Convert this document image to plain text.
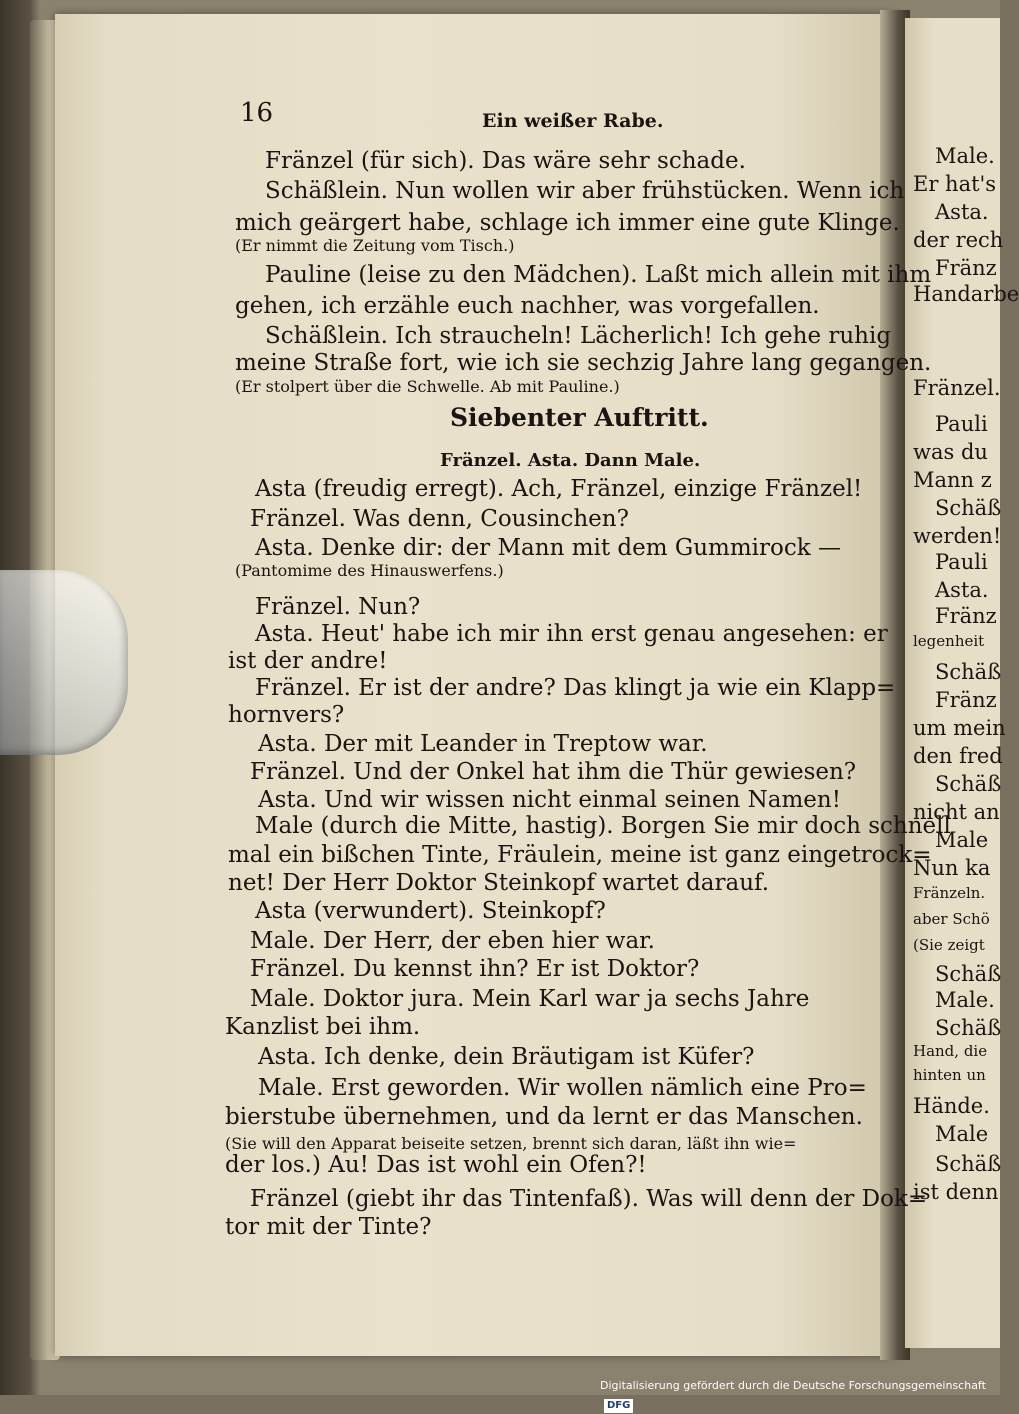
Male.
Er hat's
Asta.
der rech
Fränz
Handarbe
Fränzel.
Pauli
was du
Mann z
Schäß
werden!
Pauli
Asta.
Fränz
legenheit
Schäß
Fränz
um mein
den fred
Schäß
nicht an
Male
Nun ka
Fränzeln.
aber Schö
(Sie zeigt
Schäß
Male.
Schäß
Hand, die
hinten un
Hände.
Male
Schäß
ist denn
16	Ein weißer Rabe.
Fränzel (für sich). Das wäre sehr schade.
Schäßlein. Nun wollen wir aber frühstücken. Wenn ich
mich geärgert habe, schlage ich immer eine gute Klinge.
(Er nimmt die Zeitung vom Tisch.)
Pauline (leise zu den Mädchen). Laßt mich allein mit ihm
gehen, ich erzähle euch nachher, was vorgefallen.
Schäßlein. Ich straucheln! Lächerlich! Ich gehe ruhig
meine Straße fort, wie ich sie sechzig Jahre lang gegangen.
(Er stolpert über die Schwelle. Ab mit Pauline.)
Siebenter Auftritt.
Fränzel. Asta. Dann Male.
Asta (freudig erregt). Ach, Fränzel, einzige Fränzel!
Fränzel. Was denn, Cousinchen?
Asta. Denke dir: der Mann mit dem Gummirock —
(Pantomime des Hinauswerfens.)
Fränzel. Nun?
Asta. Heut' habe ich mir ihn erst genau angesehen: er
ist der andre!
Fränzel. Er ist der andre? Das klingt ja wie ein Klapp=
hornvers?
Asta. Der mit Leander in Treptow war.
Fränzel. Und der Onkel hat ihm die Thür gewiesen?
Asta. Und wir wissen nicht einmal seinen Namen!
Male (durch die Mitte, hastig). Borgen Sie mir doch schnell
mal ein bißchen Tinte, Fräulein, meine ist ganz eingetrock=
net! Der Herr Doktor Steinkopf wartet darauf.
Asta (verwundert). Steinkopf?
Male. Der Herr, der eben hier war.
Fränzel. Du kennst ihn? Er ist Doktor?
Male. Doktor jura. Mein Karl war ja sechs Jahre
Kanzlist bei ihm.
Asta. Ich denke, dein Bräutigam ist Küfer?
Male. Erst geworden. Wir wollen nämlich eine Pro=
bierstube übernehmen, und da lernt er das Manschen.
(Sie will den Apparat beiseite setzen, brennt sich daran, läßt ihn wie=
der los.) Au! Das ist wohl ein Ofen?!
Fränzel (giebt ihr das Tintenfaß). Was will denn der Dok=
tor mit der Tinte?
Digitalisierung gefördert durch die Deutsche Forschungsgemeinschaft DFG
